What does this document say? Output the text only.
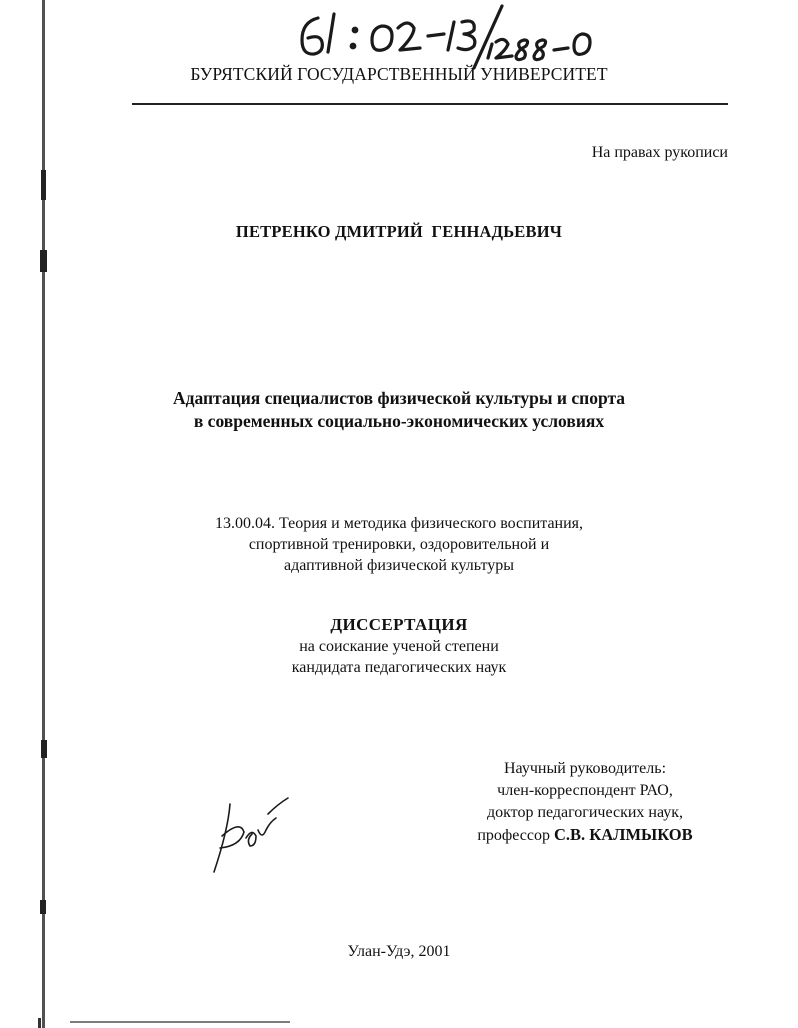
БУРЯТСКИЙ ГОСУДАРСТВЕННЫЙ УНИВЕРСИТЕТ
На правах рукописи
ПЕТРЕНКО ДМИТРИЙ  ГЕННАДЬЕВИЧ
Адаптация специалистов физической культуры и спорта
в современных социально-экономических условиях
13.00.04. Теория и методика физического воспитания,
спортивной тренировки, оздоровительной и
адаптивной физической культуры
ДИССЕРТАЦИЯ
на соискание ученой степени
кандидата педагогических наук
Научный руководитель:
член-корреспондент РАО,
доктор педагогических наук,
профессор С.В. КАЛМЫКОВ
Улан-Удэ, 2001
